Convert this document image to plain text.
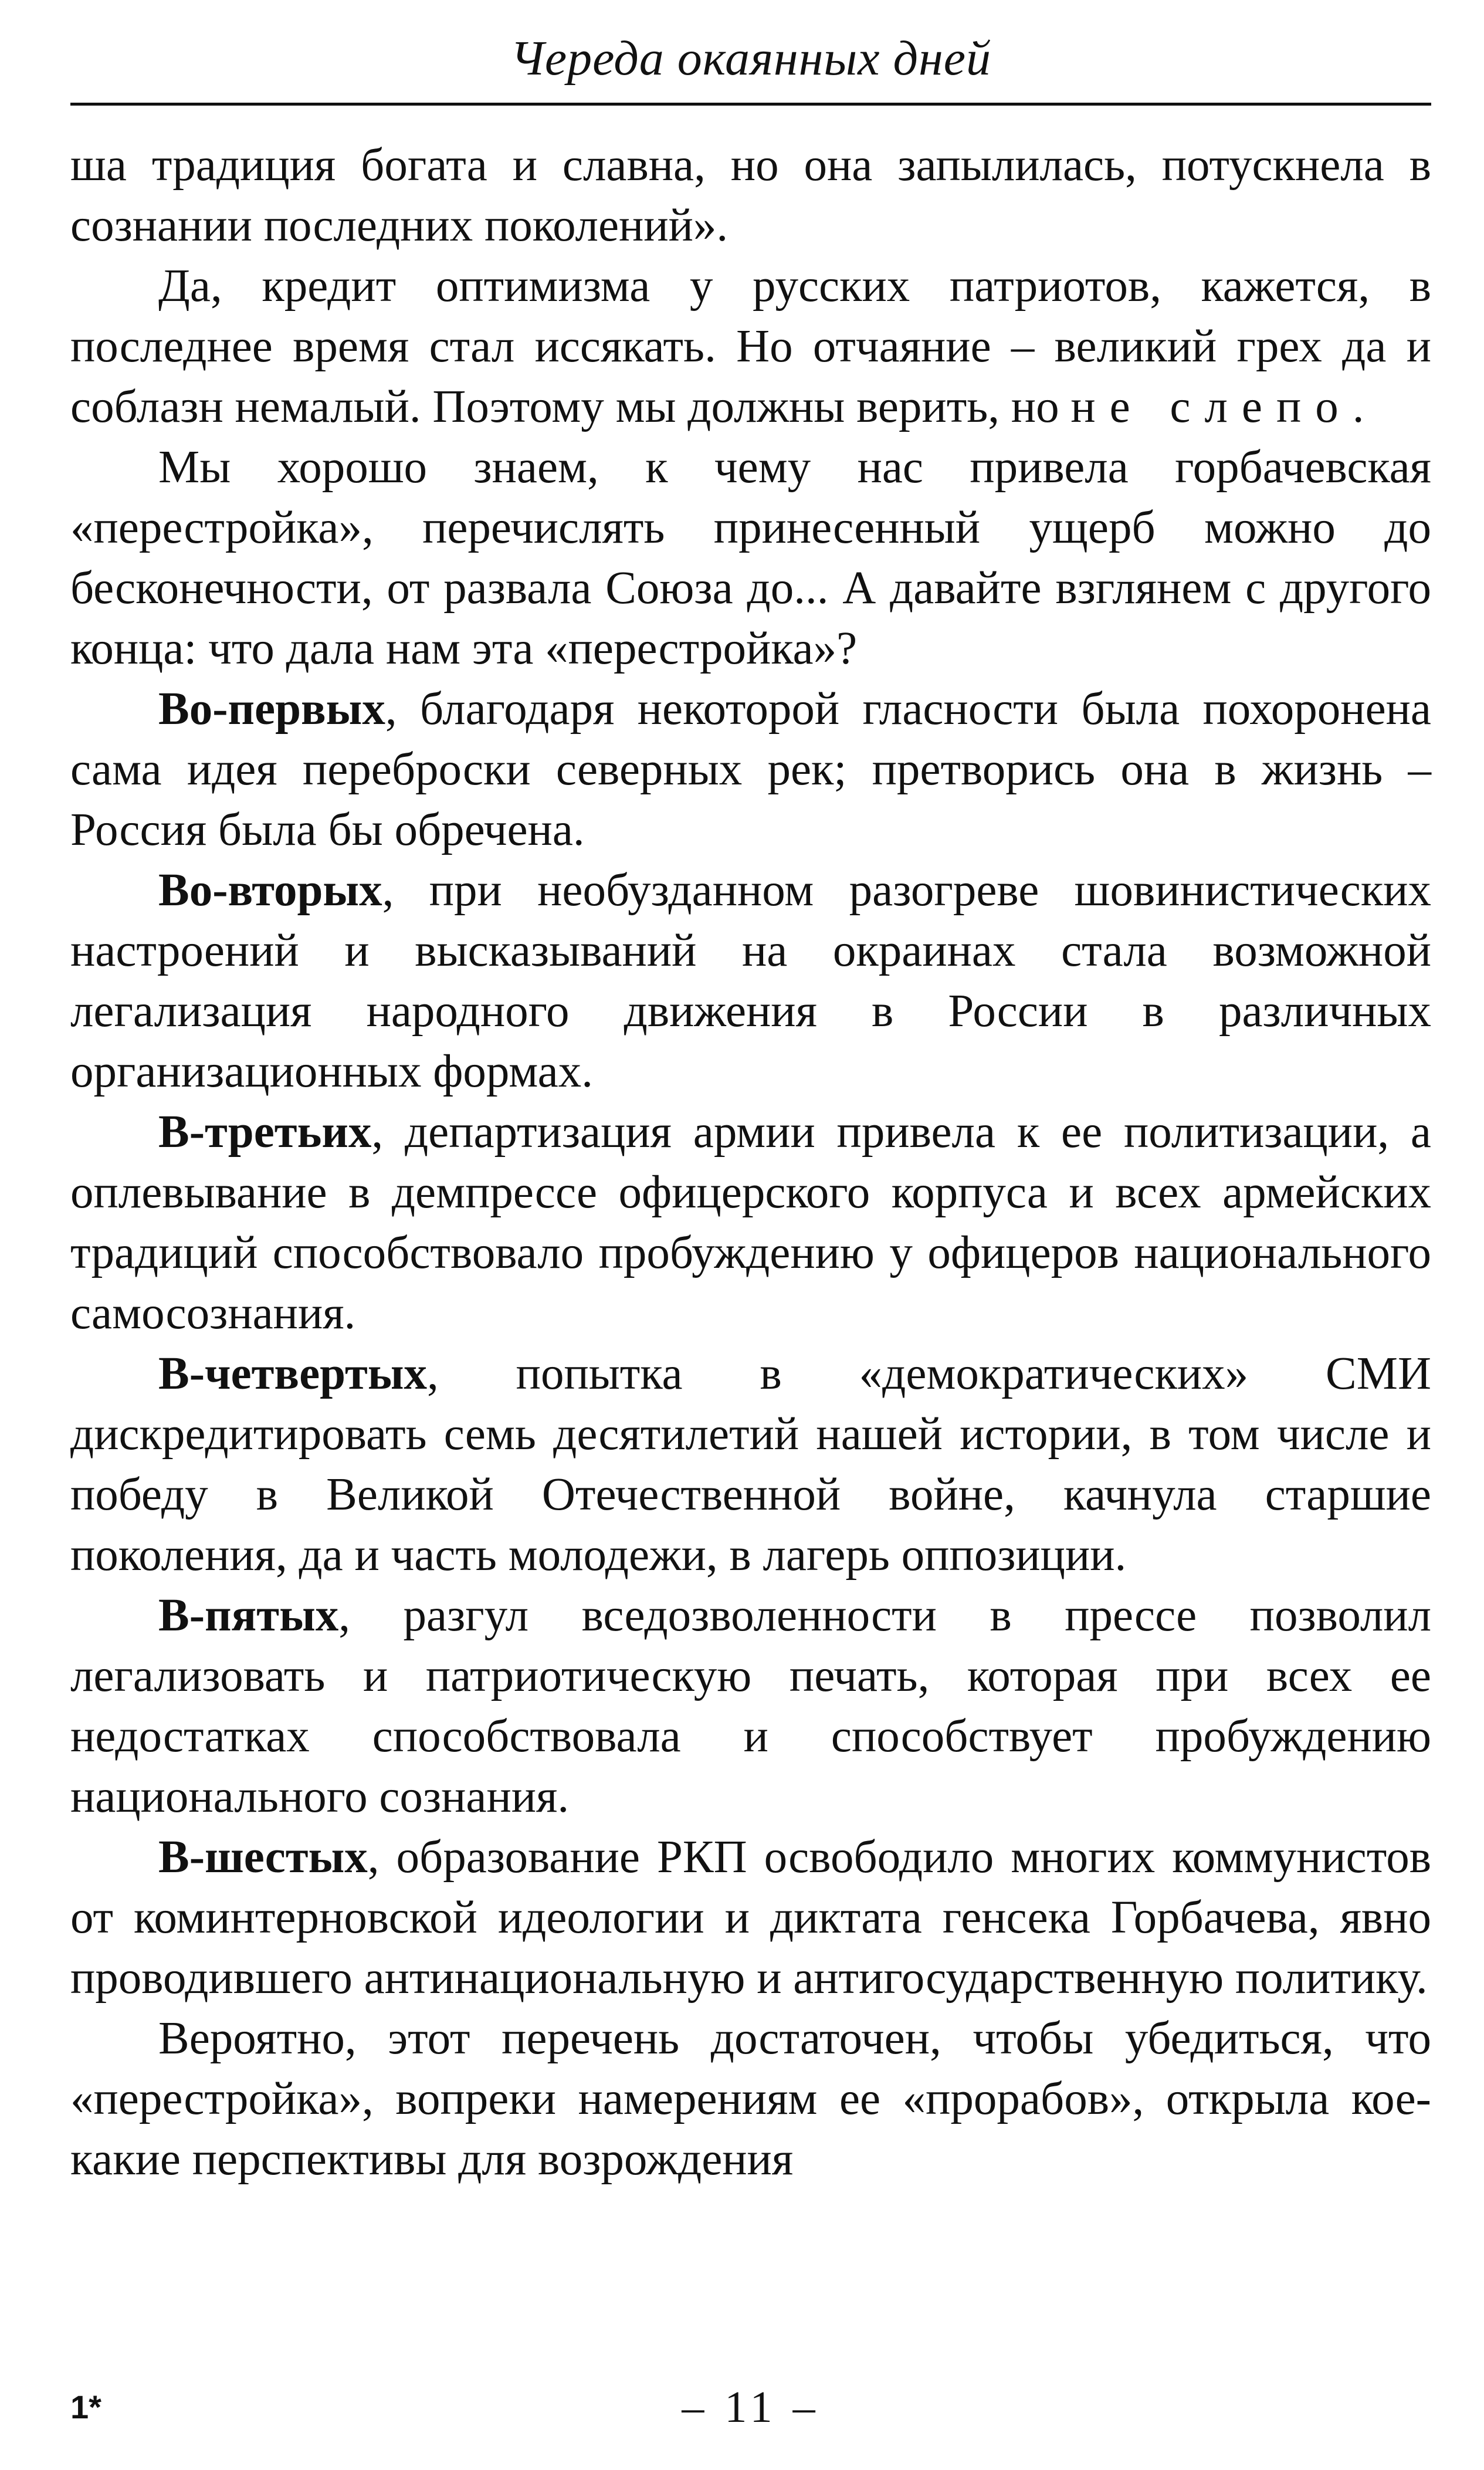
Череда окаянных дней

ша традиция богата и славна, но она запылилась, потускнела в сознании последних поколений».

Да, кредит оптимизма у русских патриотов, кажется, в последнее время стал иссякать. Но отчаяние – великий грех да и соблазн немалый. Поэтому мы должны верить, но не слепо.

Мы хорошо знаем, к чему нас привела горбачевская «перестройка», перечислять принесенный ущерб можно до бесконечности, от развала Союза до... А давайте взглянем с другого конца: что дала нам эта «перестройка»?

Во-первых, благодаря некоторой гласности была похоронена сама идея переброски северных рек; претворись она в жизнь – Россия была бы обречена.

Во-вторых, при необузданном разогреве шовинистических настроений и высказываний на окраинах стала возможной легализация народного движения в России в различных организационных формах.

В-третьих, департизация армии привела к ее политизации, а оплевывание в демпрессе офицерского корпуса и всех армейских традиций способствовало пробуждению у офицеров национального самосознания.

В-четвертых, попытка в «демократических» СМИ дискредитировать семь десятилетий нашей истории, в том числе и победу в Великой Отечественной войне, качнула старшие поколения, да и часть молодежи, в лагерь оппозиции.

В-пятых, разгул вседозволенности в прессе позволил легализовать и патриотическую печать, которая при всех ее недостатках способствовала и способствует пробуждению национального сознания.

В-шестых, образование РКП освободило многих коммунистов от коминтерновской идеологии и диктата генсека Горбачева, явно проводившего антинациональную и антигосударственную политику.

Вероятно, этот перечень достаточен, чтобы убедиться, что «перестройка», вопреки намерениям ее «прорабов», открыла кое-какие перспективы для возрождения

1*	– 11 –
